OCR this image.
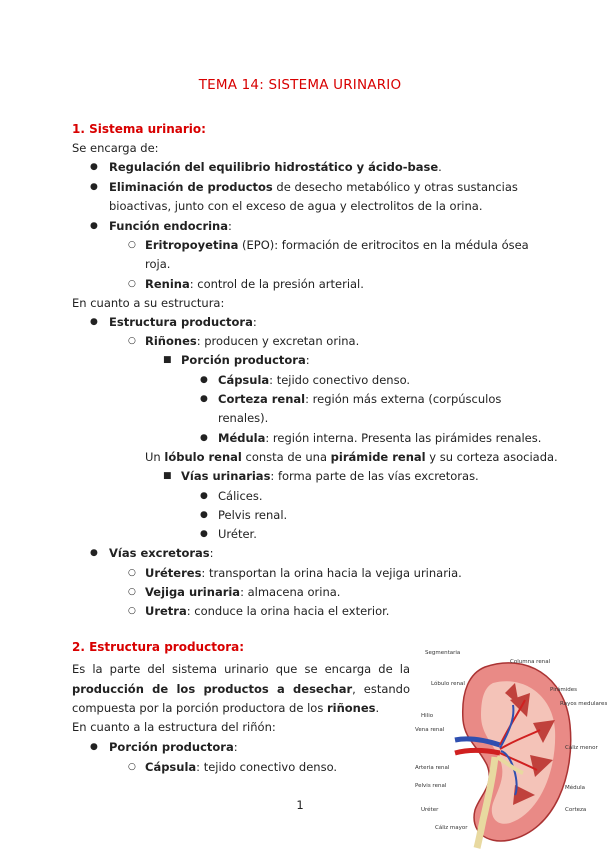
TEMA 14: SISTEMA URINARIO
1. Sistema urinario:
Se encarga de:
● Regulación del equilibrio hidrostático y ácido-base.
● Eliminación de productos de desecho metabólico y otras sustancias
bioactivas, junto con el exceso de agua y electrolitos de la orina.
● Función endocrina:
○ Eritropoyetina (EPO): formación de eritrocitos en la médula ósea
roja.
○ Renina: control de la presión arterial.
En cuanto a su estructura:
● Estructura productora:
○ Riñones: producen y excretan orina.
■ Porción productora:
● Cápsula: tejido conectivo denso.
● Corteza renal: región más externa (corpúsculos
renales).
● Médula: región interna. Presenta las pirámides renales.
Un lóbulo renal consta de una pirámide renal y su corteza asociada.
■ Vías urinarias: forma parte de las vías excretoras.
● Cálices.
● Pelvis renal.
● Uréter.
● Vías excretoras:
○ Uréteres: transportan la orina hacia la vejiga urinaria.
○ Vejiga urinaria: almacena orina.
○ Uretra: conduce la orina hacia el exterior.
2. Estructura productora:
Es la parte del sistema urinario que se encarga de la
producción de los productos a desechar, estando
compuesta por la porción productora de los riñones.
En cuanto a la estructura del riñón:
● Porción productora:
○ Cápsula: tejido conectivo denso.
1
Segmentaria
Columna renal
Lóbulo renal
Pirámides
Rayos medulares
Hilio
Vena renal
Cáliz menor
Arteria renal
Pelvis renal	Médula
Uréter	Corteza
Cáliz mayor
